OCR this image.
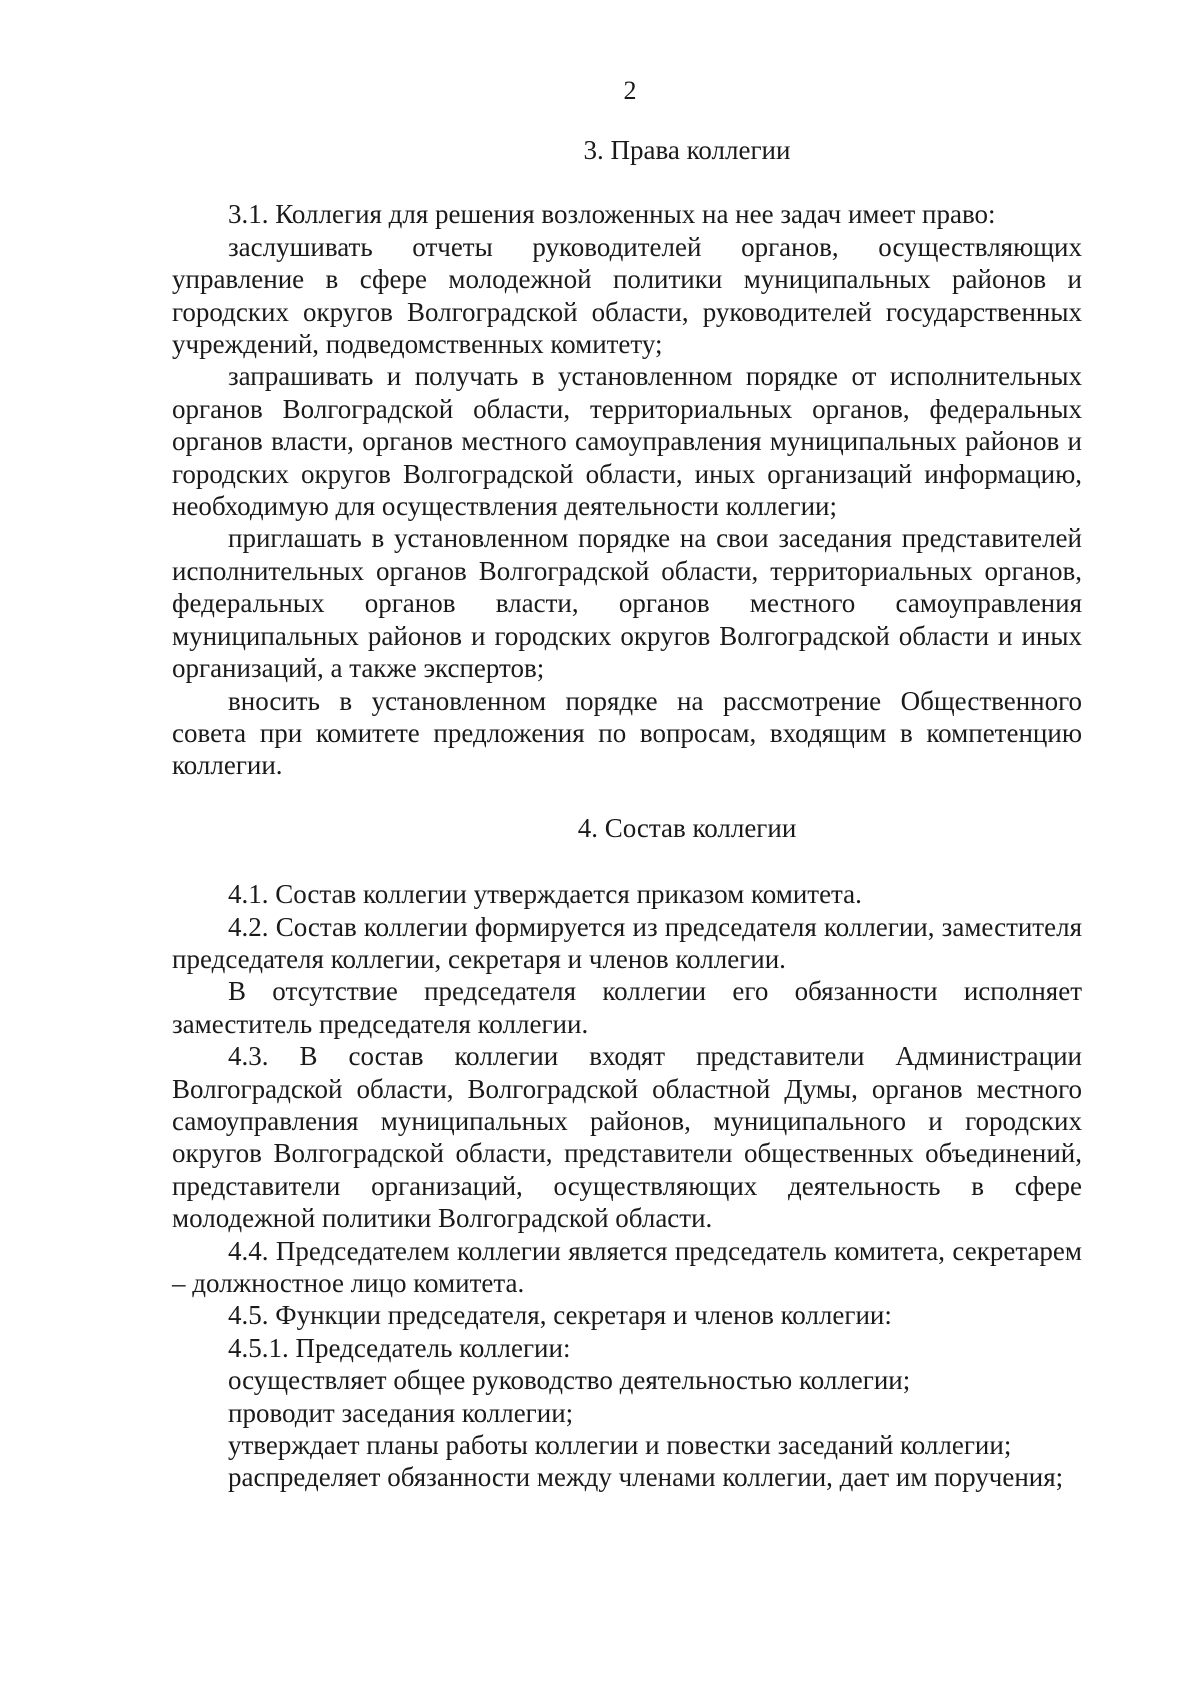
2
3. Права коллегии

3.1. Коллегия для решения возложенных на нее задач имеет право:

заслушивать отчеты руководителей органов, осуществляющих управление в сфере молодежной политики муниципальных районов и городских округов Волгоградской области, руководителей государственных учреждений, подведомственных комитету;

запрашивать и получать в установленном порядке от исполнительных органов Волгоградской области, территориальных органов, федеральных органов власти, органов местного самоуправления муниципальных районов и городских округов Волгоградской области, иных организаций информацию, необходимую для осуществления деятельности коллегии;

приглашать в установленном порядке на свои заседания представителей исполнительных органов Волгоградской области, территориальных органов, федеральных органов власти, органов местного самоуправления муниципальных районов и городских округов Волгоградской области и иных организаций, а также экспертов;

вносить в установленном порядке на рассмотрение Общественного совета при комитете предложения по вопросам, входящим в компетенцию коллегии.

4. Состав коллегии

4.1. Состав коллегии утверждается приказом комитета.

4.2. Состав коллегии формируется из председателя коллегии, заместителя председателя коллегии, секретаря и членов коллегии.

В отсутствие председателя коллегии его обязанности исполняет заместитель председателя коллегии.

4.3. В состав коллегии входят представители Администрации Волгоградской области, Волгоградской областной Думы, органов местного самоуправления муниципальных районов, муниципального и городских округов Волгоградской области, представители общественных объединений, представители организаций, осуществляющих деятельность в сфере молодежной политики Волгоградской области.

4.4. Председателем коллегии является председатель комитета, секретарем – должностное лицо комитета.

4.5. Функции председателя, секретаря и членов коллегии:

4.5.1. Председатель коллегии:

осуществляет общее руководство деятельностью коллегии;

проводит заседания коллегии;

утверждает планы работы коллегии и повестки заседаний коллегии;

распределяет обязанности между членами коллегии, дает им поручения;
